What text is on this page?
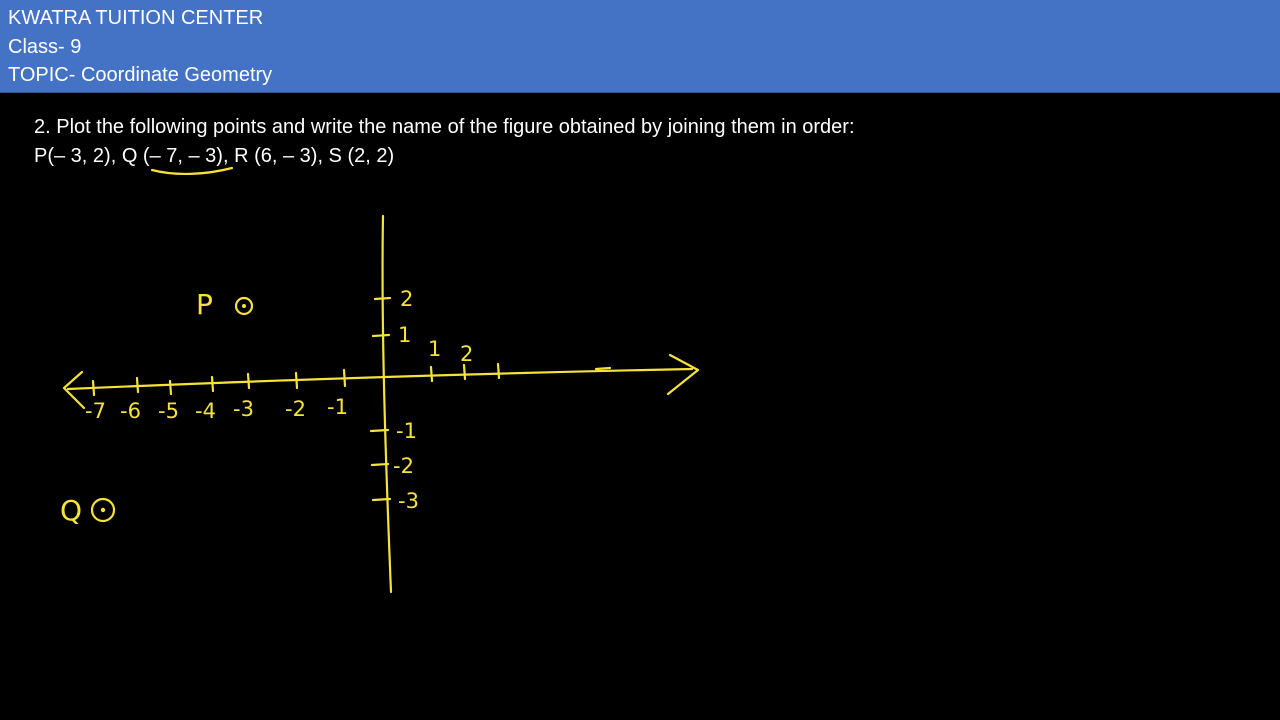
KWATRA TUITION CENTER
Class- 9
TOPIC- Coordinate Geometry
2. Plot the following points and write the name of the figure obtained by joining them in order:
P(– 3, 2), Q (– 7, – 3), R (6, – 3), S (2, 2)
-7 -6 -5 -4 -3 -2 -1
1 2
2
1
-1
-2
-3
P
Q
